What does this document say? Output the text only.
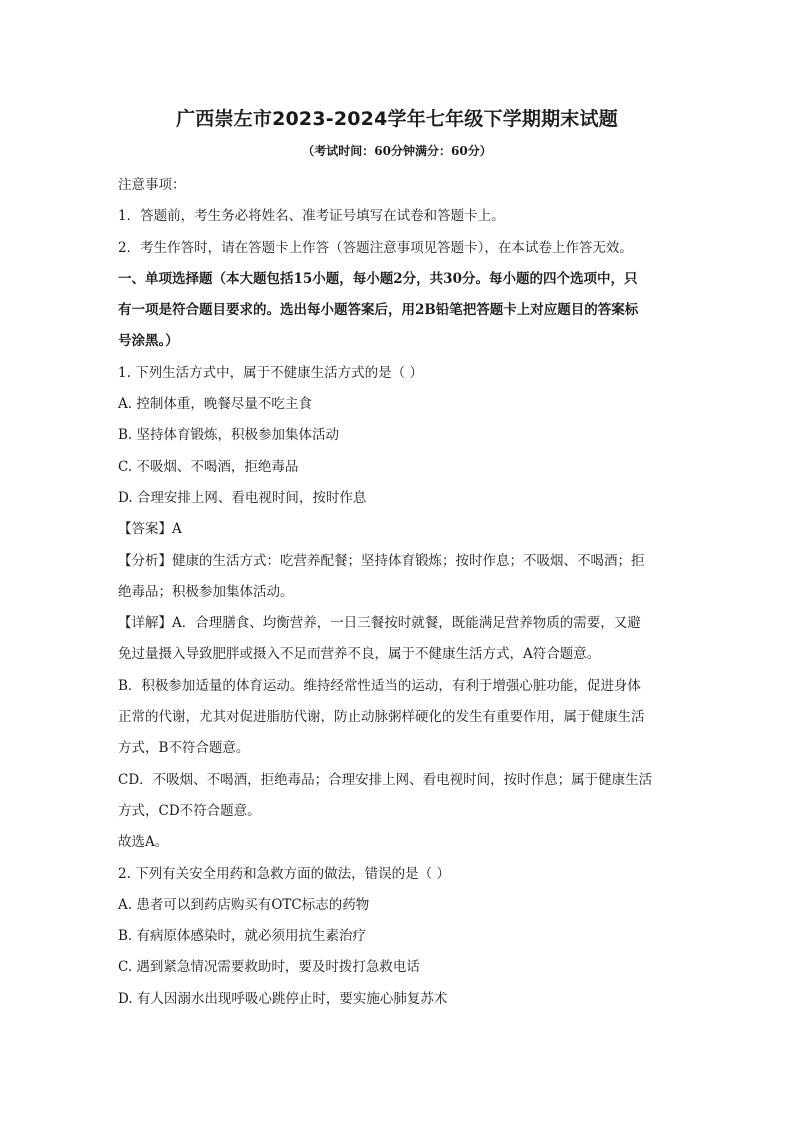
广西崇左市2023-2024学年七年级下学期期末试题

（考试时间：60分钟满分：60分）

注意事项：

1．答题前，考生务必将姓名、准考证号填写在试卷和答题卡上。

2．考生作答时，请在答题卡上作答（答题注意事项见答题卡），在本试卷上作答无效。

一、单项选择题（本大题包括15小题，每小题2分，共30分。每小题的四个选项中，只

有一项是符合题目要求的。选出每小题答案后，用2B铅笔把答题卡上对应题目的答案标

号涂黑。）

1. 下列生活方式中，属于不健康生活方式的是（ ）

A. 控制体重，晚餐尽量不吃主食

B. 坚持体育锻炼，积极参加集体活动

C. 不吸烟、不喝酒，拒绝毒品

D. 合理安排上网、看电视时间，按时作息

【答案】A

【分析】健康的生活方式：吃营养配餐；坚持体育锻炼；按时作息；不吸烟、不喝酒；拒

绝毒品；积极参加集体活动。

【详解】A．合理膳食、均衡营养，一日三餐按时就餐，既能满足营养物质的需要，又避

免过量摄入导致肥胖或摄入不足而营养不良，属于不健康生活方式，A符合题意。

B．积极参加适量的体育运动。维持经常性适当的运动，有利于增强心脏功能，促进身体

正常的代谢，尤其对促进脂肪代谢，防止动脉粥样硬化的发生有重要作用，属于健康生活

方式，B不符合题意。

CD．不吸烟、不喝酒，拒绝毒品；合理安排上网、看电视时间，按时作息；属于健康生活

方式，CD不符合题意。

故选A。

2. 下列有关安全用药和急救方面的做法，错误的是（ ）

A. 患者可以到药店购买有OTC标志的药物

B. 有病原体感染时，就必须用抗生素治疗

C. 遇到紧急情况需要救助时，要及时拨打急救电话

D. 有人因溺水出现呼吸心跳停止时，要实施心肺复苏术
